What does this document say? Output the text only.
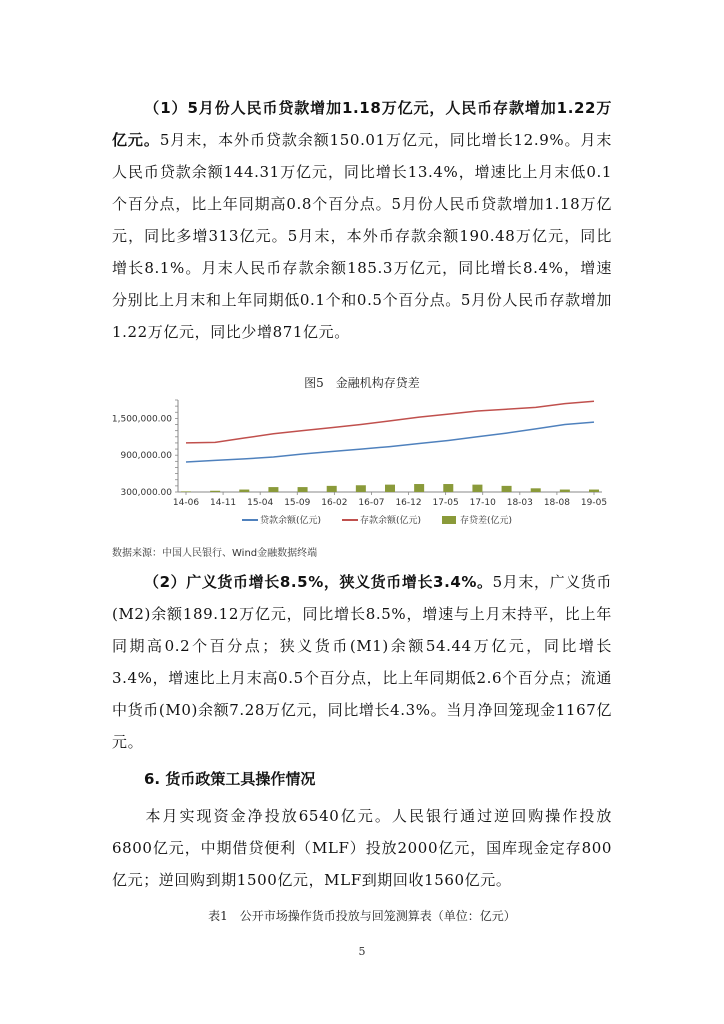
（1）5月份人民币贷款增加1.18万亿元，人民币存款增加1.22万亿元。5月末，本外币贷款余额150.01万亿元，同比增长12.9%。月末人民币贷款余额144.31万亿元，同比增长13.4%，增速比上月末低0.1个百分点，比上年同期高0.8个百分点。5月份人民币贷款增加1.18万亿元，同比多增313亿元。5月末，本外币存款余额190.48万亿元，同比增长8.1%。月末人民币存款余额185.3万亿元，同比增长8.4%，增速分别比上月末和上年同期低0.1个和0.5个百分点。5月份人民币存款增加1.22万亿元，同比少增871亿元。

图5　金融机构存贷差

1,500,000.00
900,000.00
300,000.00
14-06 14-11 15-04 15-09 16-02 16-07 16-12 17-05 17-10 18-03 18-08 19-05
贷款余额(亿元)	存款余额(亿元)	存贷差(亿元)

数据来源：中国人民银行、Wind金融数据终端

（2）广义货币增长8.5%，狭义货币增长3.4%。5月末，广义货币(M2)余额189.12万亿元，同比增长8.5%，增速与上月末持平，比上年同期高0.2个百分点；狭义货币(M1)余额54.44万亿元，同比增长3.4%，增速比上月末高0.5个百分点，比上年同期低2.6个百分点；流通中货币(M0)余额7.28万亿元，同比增长4.3%。当月净回笼现金1167亿元。

6. 货币政策工具操作情况

本月实现资金净投放6540亿元。人民银行通过逆回购操作投放6800亿元，中期借贷便利（MLF）投放2000亿元，国库现金定存800亿元；逆回购到期1500亿元，MLF到期回收1560亿元。

表1　公开市场操作货币投放与回笼测算表（单位：亿元）

5
